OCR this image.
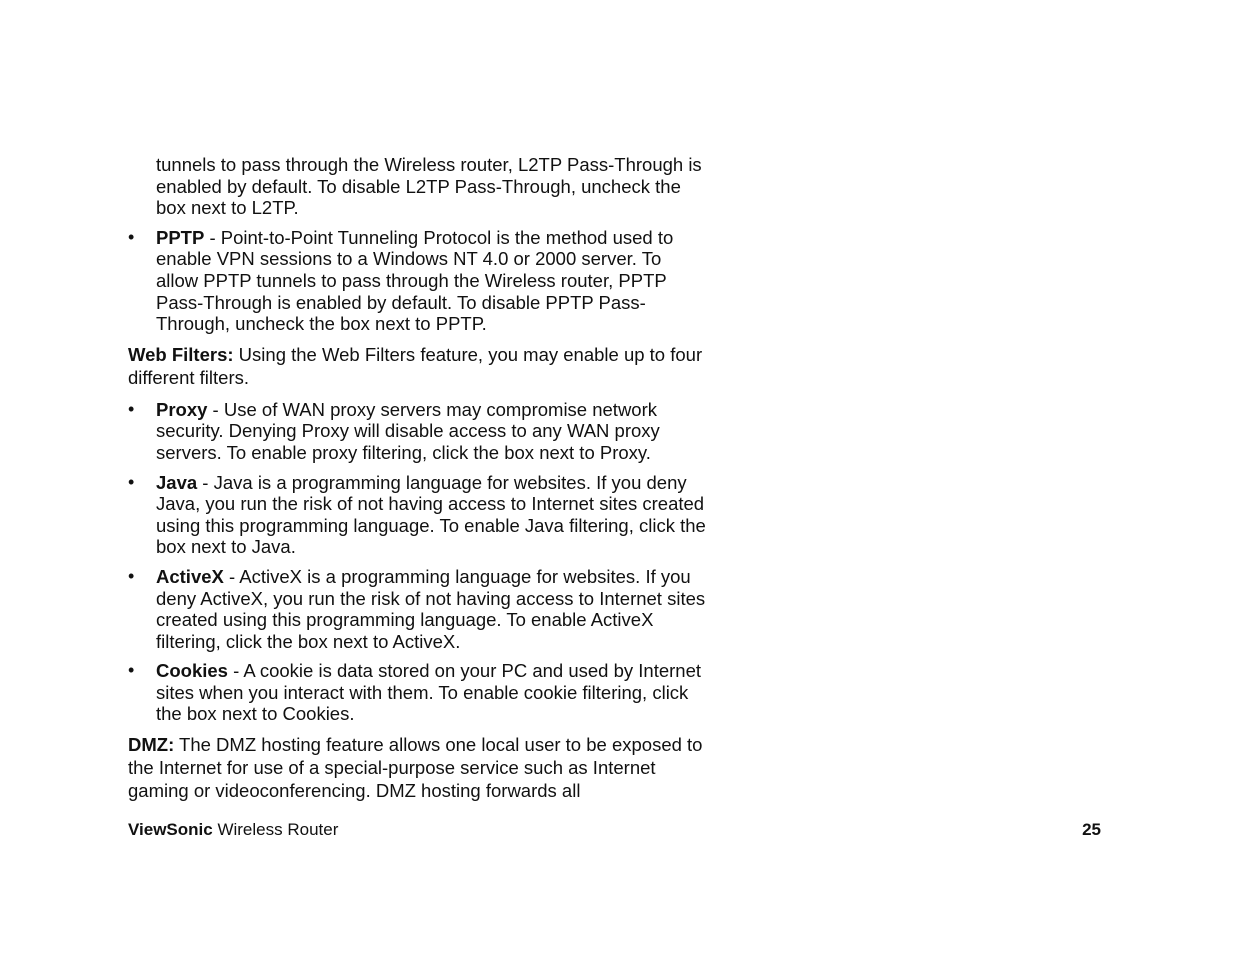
tunnels to pass through the Wireless router, L2TP Pass-Through is enabled by default. To disable L2TP Pass-Through, uncheck the box next to L2TP.

• PPTP - Point-to-Point Tunneling Protocol is the method used to enable VPN sessions to a Windows NT 4.0 or 2000 server. To allow PPTP tunnels to pass through the Wireless router, PPTP Pass-Through is enabled by default. To disable PPTP Pass-Through, uncheck the box next to PPTP.

Web Filters: Using the Web Filters feature, you may enable up to four different filters.

• Proxy - Use of WAN proxy servers may compromise network security. Denying Proxy will disable access to any WAN proxy servers. To enable proxy filtering, click the box next to Proxy.
• Java - Java is a programming language for websites. If you deny Java, you run the risk of not having access to Internet sites created using this programming language. To enable Java filtering, click the box next to Java.
• ActiveX - ActiveX is a programming language for websites. If you deny ActiveX, you run the risk of not having access to Internet sites created using this programming language. To enable ActiveX filtering, click the box next to ActiveX.
• Cookies - A cookie is data stored on your PC and used by Internet sites when you interact with them. To enable cookie filtering, click the box next to Cookies.

DMZ: The DMZ hosting feature allows one local user to be exposed to the Internet for use of a special-purpose service such as Internet gaming or videoconferencing. DMZ hosting forwards all

ViewSonic Wireless Router	25
